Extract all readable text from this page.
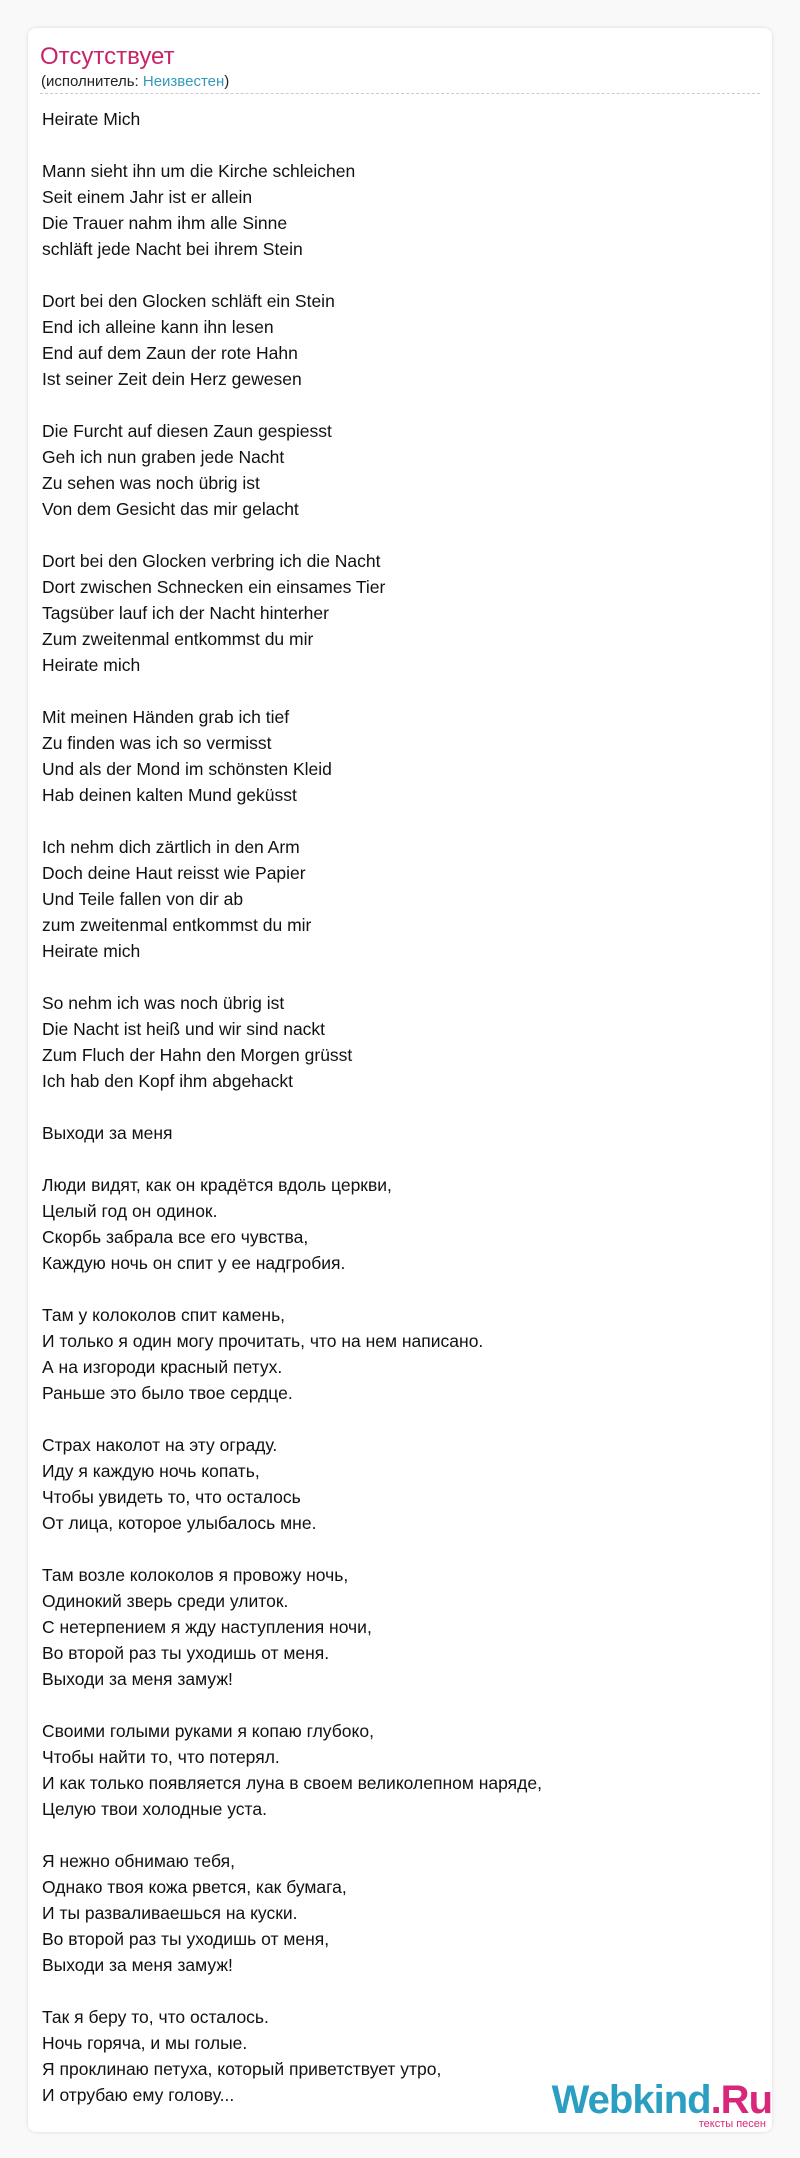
Отсутствует
(исполнитель: Неизвестен)
Heirate Mich
Mann sieht ihn um die Kirche schleichen
Seit einem Jahr ist er allein
Die Trauer nahm ihm alle Sinne
schläft jede Nacht bei ihrem Stein
Dort bei den Glocken schläft ein Stein
End ich alleine kann ihn lesen
End auf dem Zaun der rote Hahn
Ist seiner Zeit dein Herz gewesen
Die Furcht auf diesen Zaun gespiesst
Geh ich nun graben jede Nacht
Zu sehen was noch übrig ist
Von dem Gesicht das mir gelacht
Dort bei den Glocken verbring ich die Nacht
Dort zwischen Schnecken ein einsames Tier
Tagsüber lauf ich der Nacht hinterher
Zum zweitenmal entkommst du mir
Heirate mich
Mit meinen Händen grab ich tief
Zu finden was ich so vermisst
Und als der Mond im schönsten Kleid
Hab deinen kalten Mund geküsst
Ich nehm dich zärtlich in den Arm
Doch deine Haut reisst wie Papier
Und Teile fallen von dir ab
zum zweitenmal entkommst du mir
Heirate mich
So nehm ich was noch übrig ist
Die Nacht ist heiß und wir sind nackt
Zum Fluch der Hahn den Morgen grüsst
Ich hab den Kopf ihm abgehackt
Выходи за меня
Люди видят, как он крадётся вдоль церкви,
Целый год он одинок.
Скорбь забрала все его чувства,
Каждую ночь он спит у ее надгробия.
Там у колоколов спит камень,
И только я один могу прочитать, что на нем написано.
А на изгороди красный петух.
Раньше это было твое сердце.
Страх наколот на эту ограду.
Иду я каждую ночь копать,
Чтобы увидеть то, что осталось
От лица, которое улыбалось мне.
Там возле колоколов я провожу ночь,
Одинокий зверь среди улиток.
С нетерпением я жду наступления ночи,
Во второй раз ты уходишь от меня.
Выходи за меня замуж!
Своими голыми руками я копаю глубоко,
Чтобы найти то, что потерял.
И как только появляется луна в своем великолепном наряде,
Целую твои холодные уста.
Я нежно обнимаю тебя,
Однако твоя кожа рвется, как бумага,
И ты разваливаешься на куски.
Во второй раз ты уходишь от меня,
Выходи за меня замуж!
Так я беру то, что осталось.
Ночь горяча, и мы голые.
Я проклинаю петуха, который приветствует утро,
И отрубаю ему голову...	Webkind.Ru
тексты песен
